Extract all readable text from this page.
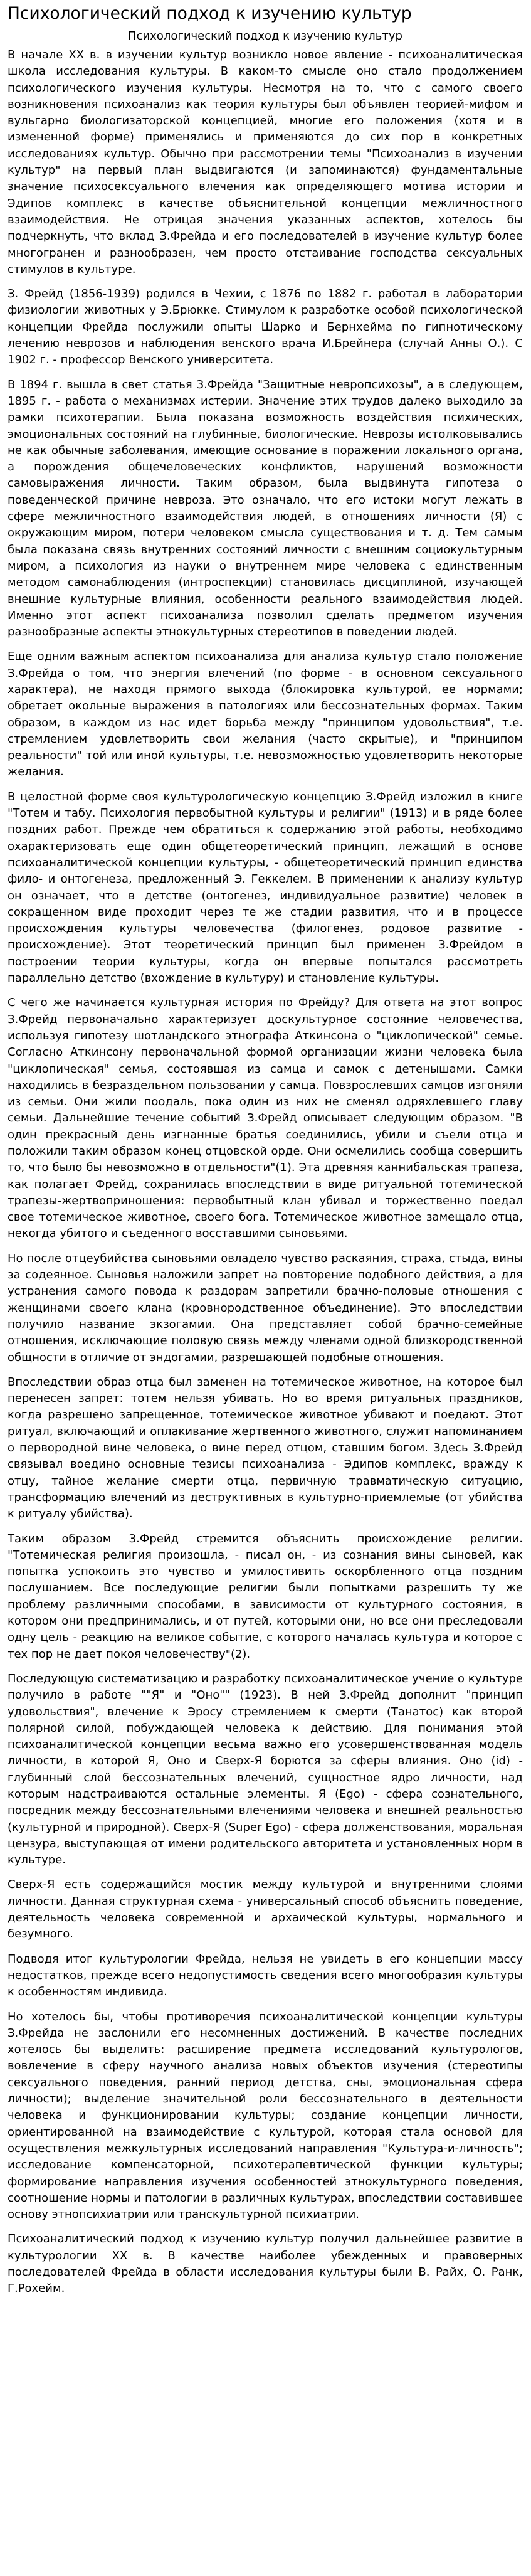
Психологический подход к изучению культур
Психологический подход к изучению культур

В начале XX в. в изучении культур возникло новое явление - психоаналитическая школа исследования культуры. В каком-то смысле оно стало продолжением психологического изучения культуры. Несмотря на то, что с самого своего возникновения психоанализ как теория культуры был объявлен теорией-мифом и вульгарно биологизаторской концепцией, многие его положения (хотя и в измененной форме) применялись и применяются до сих пор в конкретных исследованиях культур. Обычно при рассмотрении темы "Психоанализ в изучении культур" на первый план выдвигаются (и запоминаются) фундаментальные значение психосексуального влечения как определяющего мотива истории и Эдипов комплекс в качестве объяснительной концепции межличностного взаимодействия. Не отрицая значения указанных аспектов, хотелось бы подчеркнуть, что вклад З.Фрейда и его последователей в изучение культур более многогранен и разнообразен, чем просто отстаивание господства сексуальных стимулов в культуре.

З. Фрейд (1856-1939) родился в Чехии, с 1876 по 1882 г. работал в лаборатории физиологии животных у Э.Брюкке. Стимулом к разработке особой психологической концепции Фрейда послужили опыты Шарко и Бернхейма по гипнотическому лечению неврозов и наблюдения венского врача И.Брейнера (случай Анны О.). С 1902 г. - профессор Венского университета.

В 1894 г. вышла в свет статья З.Фрейда "Защитные невропсихозы", а в следующем, 1895 г. - работа о механизмах истерии. Значение этих трудов далеко выходило за рамки психотерапии. Была показана возможность воздействия психических, эмоциональных состояний на глубинные, биологические. Неврозы истолковывались не как обычные заболевания, имеющие основание в поражении локального органа, а порождения общечеловеческих конфликтов, нарушений возможности самовыражения личности. Таким образом, была выдвинута гипотеза о поведенческой причине невроза. Это означало, что его истоки могут лежать в сфере межличностного взаимодействия людей, в отношениях личности (Я) с окружающим миром, потери человеком смысла существования и т. д. Тем самым была показана связь внутренних состояний личности с внешним социокультурным миром, а психология из науки о внутреннем мире человека с единственным методом самонаблюдения (интроспекции) становилась дисциплиной, изучающей внешние культурные влияния, особенности реального взаимодействия людей. Именно этот аспект психоанализа позволил сделать предметом изучения разнообразные аспекты этнокультурных стереотипов в поведении людей.

Еще одним важным аспектом психоанализа для анализа культур стало положение З.Фрейда о том, что энергия влечений (по форме - в основном сексуального характера), не находя прямого выхода (блокировка культурой, ее нормами; обретает окольные выражения в патологиях или бессознательных формах. Таким образом, в каждом из нас идет борьба между "принципом удовольствия", т.е. стремлением удовлетворить свои желания (часто скрытые), и "принципом реальности" той или иной культуры, т.е. невозможностью удовлетворить некоторые желания.

В целостной форме своя культурологическую концепцию З.Фрейд изложил в книге "Тотем и табу. Психология первобытной культуры и религии" (1913) и в ряде более поздних работ. Прежде чем обратиться к содержанию этой работы, необходимо охарактеризовать еще один общетеоретический принцип, лежащий в основе психоаналитической концепции культуры, - общетеоретический принцип единства фило- и онтогенеза, предложенный Э. Геккелем. В применении к анализу культур он означает, что в детстве (онтогенез, индивидуальное развитие) человек в сокращенном виде проходит через те же стадии развития, что и в процессе происхождения культуры человечества (филогенез, родовое развитие - происхождение). Этот теоретический принцип был применен З.Фрейдом в построении теории культуры, когда он впервые попытался рассмотреть параллельно детство (вхождение в культуру) и становление культуры.

С чего же начинается культурная история по Фрейду? Для ответа на этот вопрос З.Фрейд первоначально характеризует доскультурное состояние человечества, используя гипотезу шотландского этнографа Аткинсона о "циклопической" семье. Согласно Аткинсону первоначальной формой организации жизни человека была "циклопическая" семья, состоявшая из самца и самок с детенышами. Самки находились в безраздельном пользовании у самца. Повзрослевших самцов изгоняли из семьи. Они жили поодаль, пока один из них не сменял одряхлевшего главу семьи. Дальнейшие течение событий З.Фрейд описывает следующим образом. "В один прекрасный день изгнанные братья соединились, убили и съели отца и положили таким образом конец отцовской орде. Они осмелились сообща совершить то, что было бы невозможно в отдельности"(1). Эта древняя каннибальская трапеза, как полагает Фрейд, сохранилась впоследствии в виде ритуальной тотемической трапезы-жертвоприношения: первобытный клан убивал и торжественно поедал свое тотемическое животное, своего бога. Тотемическое животное замещало отца, некогда убитого и съеденного восставшими сыновьями.

Но после отцеубийства сыновьями овладело чувство раскаяния, страха, стыда, вины за содеянное. Сыновья наложили запрет на повторение подобного действия, а для устранения самого повода к раздорам запретили брачно-половые отношения с женщинами своего клана (кровнородственное объединение). Это впоследствии получило название экзогамии. Она представляет собой брачно-семейные отношения, исключающие половую связь между членами одной близкородственной общности в отличие от эндогамии, разрешающей подобные отношения.

Впоследствии образ отца был заменен на тотемическое животное, на которое был перенесен запрет: тотем нельзя убивать. Но во время ритуальных праздников, когда разрешено запрещенное, тотемическое животное убивают и поедают. Этот ритуал, включающий и оплакивание жертвенного животного, служит напоминанием о первородной вине человека, о вине перед отцом, ставшим богом. Здесь З.Фрейд связывал воедино основные тезисы психоанализа - Эдипов комплекс, вражду к отцу, тайное желание смерти отца, первичную травматическую ситуацию, трансформацию влечений из деструктивных в культурно-приемлемые (от убийства к ритуалу убийства).

Таким образом З.Фрейд стремится объяснить происхождение религии. "Тотемическая религия произошла, - писал он, - из сознания вины сыновей, как попытка успокоить это чувство и умилостивить оскорбленного отца поздним послушанием. Все последующие религии были попытками разрешить ту же проблему различными способами, в зависимости от культурного состояния, в котором они предпринимались, и от путей, которыми они, но все они преследовали одну цель - реакцию на великое событие, с которого началась культура и которое с тех пор не дает покоя человечеству"(2).

Последующую систематизацию и разработку психоаналитическое учение о культуре получило в работе ""Я" и "Оно"" (1923). В ней З.Фрейд дополнит "принцип удовольствия", влечение к Эросу стремлением к смерти (Танатос) как второй полярной силой, побуждающей человека к действию. Для понимания этой психоаналитической концепции весьма важно его усовершенствованная модель личности, в которой Я, Оно и Сверх-Я борются за сферы влияния. Оно (id) - глубинный слой бессознательных влечений, сущностное ядро личности, над которым надстраиваются остальные элементы. Я (Ego) - сфера сознательного, посредник между бессознательными влечениями человека и внешней реальностью (культурной и природной). Сверх-Я (Super Ego) - сфера долженствования, моральная цензура, выступающая от имени родительского авторитета и установленных норм в культуре.

Сверх-Я есть содержащийся мостик между культурой и внутренними слоями личности. Данная структурная схема - универсальный способ объяснить поведение, деятельность человека современной и архаической культуры, нормального и безумного.

Подводя итог культурологии Фрейда, нельзя не увидеть в его концепции массу недостатков, прежде всего недопустимость сведения всего многообразия культуры к особенностям индивида.

Но хотелось бы, чтобы противоречия психоаналитической концепции культуры З.Фрейда не заслонили его несомненных достижений. В качестве последних хотелось бы выделить: расширение предмета исследований культурологов, вовлечение в сферу научного анализа новых объектов изучения (стереотипы сексуального поведения, ранний период детства, сны, эмоциональная сфера личности); выделение значительной роли бессознательного в деятельности человека и функционировании культуры; создание концепции личности, ориентированной на взаимодействие с культурой, которая стала основой для осуществления межкультурных исследований направления "Культура-и-личность"; исследование компенсаторной, психотерапевтической функции культуры; формирование направления изучения особенностей этнокультурного поведения, соотношение нормы и патологии в различных культурах, впоследствии составившее основу этнопсихиатрии или транскультурной психиатрии.

Психоаналитический подход к изучению культур получил дальнейшее развитие в культурологии XX в. В качестве наиболее убежденных и правоверных последователей Фрейда в области исследования культуры были В. Райх, О. Ранк, Г.Рохейм.
